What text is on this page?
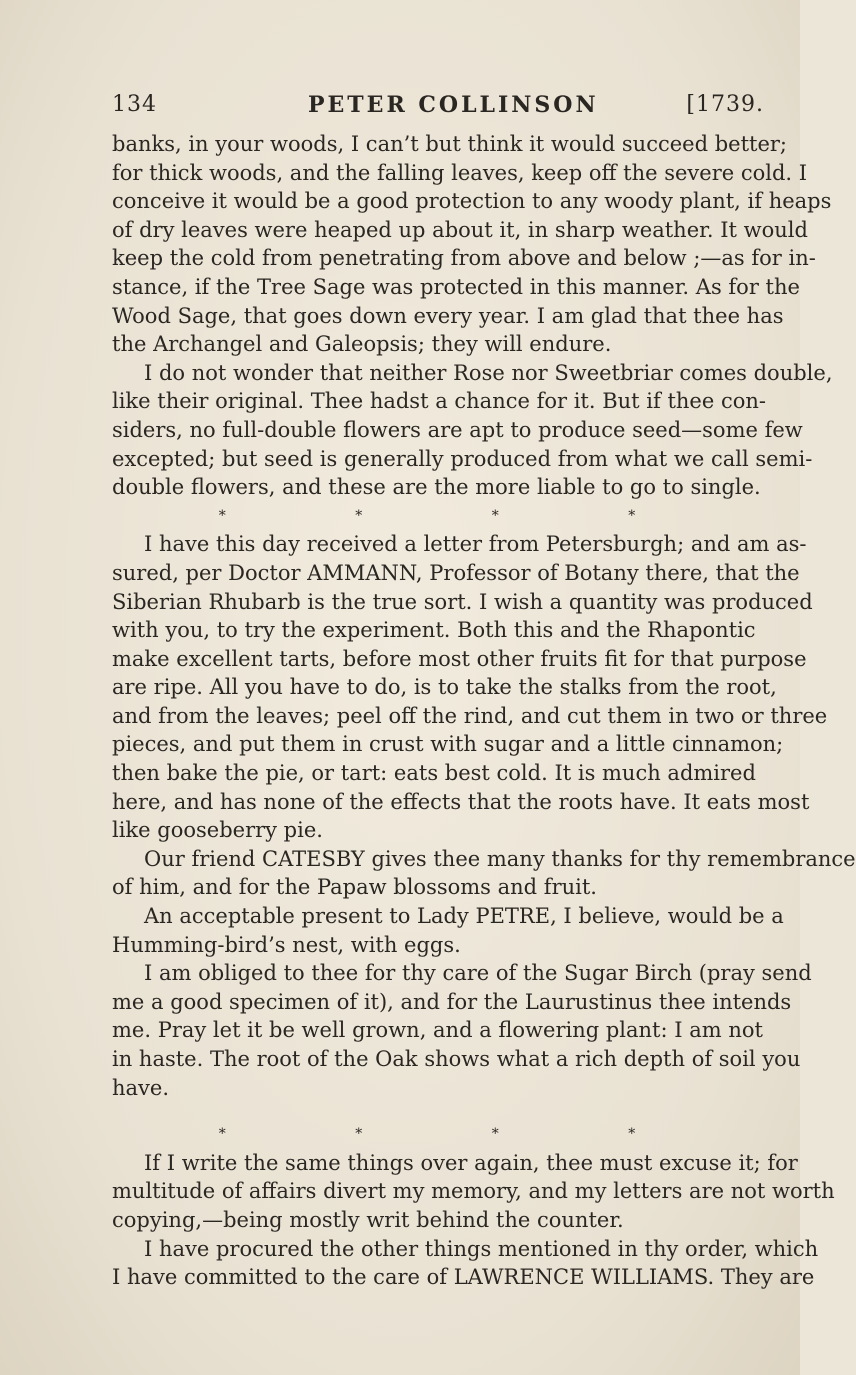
134	PETER COLLINSON	[1739.
banks, in your woods, I can’t but think it would succeed better;
for thick woods, and the falling leaves, keep off the severe cold. I
conceive it would be a good protection to any woody plant, if heaps
of dry leaves were heaped up about it, in sharp weather. It would
keep the cold from penetrating from above and below ;—as for in-
stance, if the Tree Sage was protected in this manner. As for the
Wood Sage, that goes down every year. I am glad that thee has
the Archangel and Galeopsis; they will endure.
I do not wonder that neither Rose nor Sweetbriar comes double,
like their original. Thee hadst a chance for it. But if thee con-
siders, no full-double flowers are apt to produce seed—some few
excepted; but seed is generally produced from what we call semi-
double flowers, and these are the more liable to go to single.
*	*	*	*
I have this day received a letter from Petersburgh; and am as-
sured, per Doctor AMMANN, Professor of Botany there, that the
Siberian Rhubarb is the true sort. I wish a quantity was produced
with you, to try the experiment. Both this and the Rhapontic
make excellent tarts, before most other fruits fit for that purpose
are ripe. All you have to do, is to take the stalks from the root,
and from the leaves; peel off the rind, and cut them in two or three
pieces, and put them in crust with sugar and a little cinnamon;
then bake the pie, or tart: eats best cold. It is much admired
here, and has none of the effects that the roots have. It eats most
like gooseberry pie.
Our friend CATESBY gives thee many thanks for thy remembrance
of him, and for the Papaw blossoms and fruit.
An acceptable present to Lady PETRE, I believe, would be a
Humming-bird’s nest, with eggs.
I am obliged to thee for thy care of the Sugar Birch (pray send
me a good specimen of it), and for the Laurustinus thee intends
me. Pray let it be well grown, and a flowering plant: I am not
in haste. The root of the Oak shows what a rich depth of soil you
have.
*	*	*	*
If I write the same things over again, thee must excuse it; for
multitude of affairs divert my memory, and my letters are not worth
copying,—being mostly writ behind the counter.
I have procured the other things mentioned in thy order, which
I have committed to the care of LAWRENCE WILLIAMS. They are
